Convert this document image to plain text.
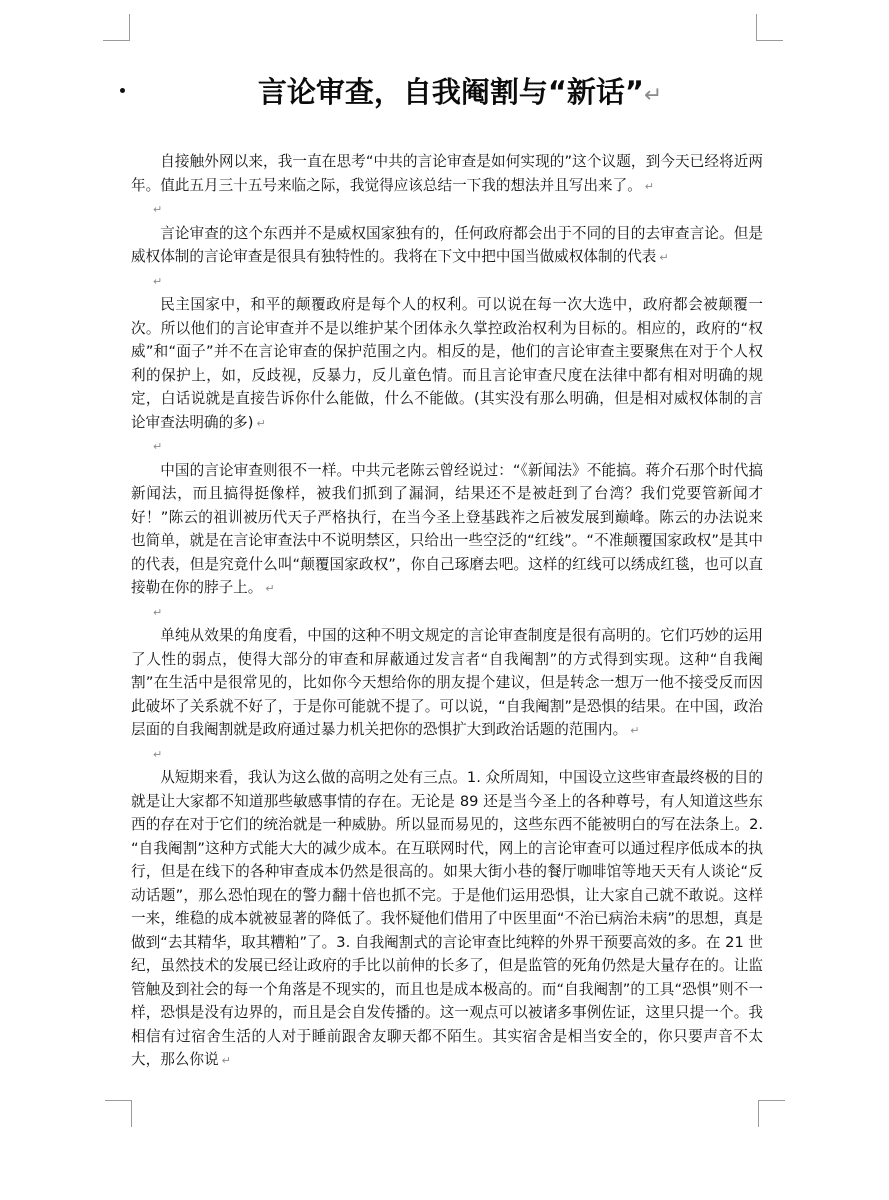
言论审查，自我阉割与“新话”↵

自接触外网以来，我一直在思考“中共的言论审查是如何实现的”这个议题，到今天已经将近两年。值此五月三十五号来临之际，我觉得应该总结一下我的想法并且写出来了。 ↵

↵

言论审查的这个东西并不是威权国家独有的，任何政府都会出于不同的目的去审查言论。但是威权体制的言论审查是很具有独特性的。我将在下文中把中国当做威权体制的代表 ↵

↵

民主国家中，和平的颠覆政府是每个人的权利。可以说在每一次大选中，政府都会被颠覆一次。所以他们的言论审查并不是以维护某个团体永久掌控政治权利为目标的。相应的，政府的“权威”和“面子”并不在言论审查的保护范围之内。相反的是，他们的言论审查主要聚焦在对于个人权利的保护上，如，反歧视，反暴力，反儿童色情。而且言论审查尺度在法律中都有相对明确的规定，白话说就是直接告诉你什么能做，什么不能做。(其实没有那么明确，但是相对威权体制的言论审查法明确的多) ↵

↵

中国的言论审查则很不一样。中共元老陈云曾经说过：“《新闻法》不能搞。蒋介石那个时代搞新闻法，而且搞得挺像样，被我们抓到了漏洞，结果还不是被赶到了台湾？我们党要管新闻才好！”陈云的祖训被历代天子严格执行，在当今圣上登基践祚之后被发展到巅峰。陈云的办法说来也简单，就是在言论审查法中不说明禁区，只给出一些空泛的“红线”。“不准颠覆国家政权”是其中的代表，但是究竟什么叫“颠覆国家政权”，你自己琢磨去吧。这样的红线可以绣成红毯，也可以直接勒在你的脖子上。 ↵

↵

单纯从效果的角度看，中国的这种不明文规定的言论审查制度是很有高明的。它们巧妙的运用了人性的弱点，使得大部分的审查和屏蔽通过发言者“自我阉割”的方式得到实现。这种“自我阉割”在生活中是很常见的，比如你今天想给你的朋友提个建议，但是转念一想万一他不接受反而因此破坏了关系就不好了，于是你可能就不提了。可以说，“自我阉割”是恐惧的结果。在中国，政治层面的自我阉割就是政府通过暴力机关把你的恐惧扩大到政治话题的范围内。 ↵

↵

从短期来看，我认为这么做的高明之处有三点。1. 众所周知，中国设立这些审查最终极的目的就是让大家都不知道那些敏感事情的存在。无论是 89 还是当今圣上的各种尊号，有人知道这些东西的存在对于它们的统治就是一种威胁。所以显而易见的，这些东西不能被明白的写在法条上。2. “自我阉割”这种方式能大大的减少成本。在互联网时代，网上的言论审查可以通过程序低成本的执行，但是在线下的各种审查成本仍然是很高的。如果大街小巷的餐厅咖啡馆等地天天有人谈论“反动话题”，那么恐怕现在的警力翻十倍也抓不完。于是他们运用恐惧，让大家自己就不敢说。这样一来，维稳的成本就被显著的降低了。我怀疑他们借用了中医里面“不治已病治未病”的思想，真是做到“去其精华，取其糟粕”了。3. 自我阉割式的言论审查比纯粹的外界干预要高效的多。在 21 世纪，虽然技术的发展已经让政府的手比以前伸的长多了，但是监管的死角仍然是大量存在的。让监管触及到社会的每一个角落是不现实的，而且也是成本极高的。而“自我阉割”的工具“恐惧”则不一样，恐惧是没有边界的，而且是会自发传播的。这一观点可以被诸多事例佐证，这里只提一个。我相信有过宿舍生活的人对于睡前跟舍友聊天都不陌生。其实宿舍是相当安全的，你只要声音不太大，那么你说 ↵
